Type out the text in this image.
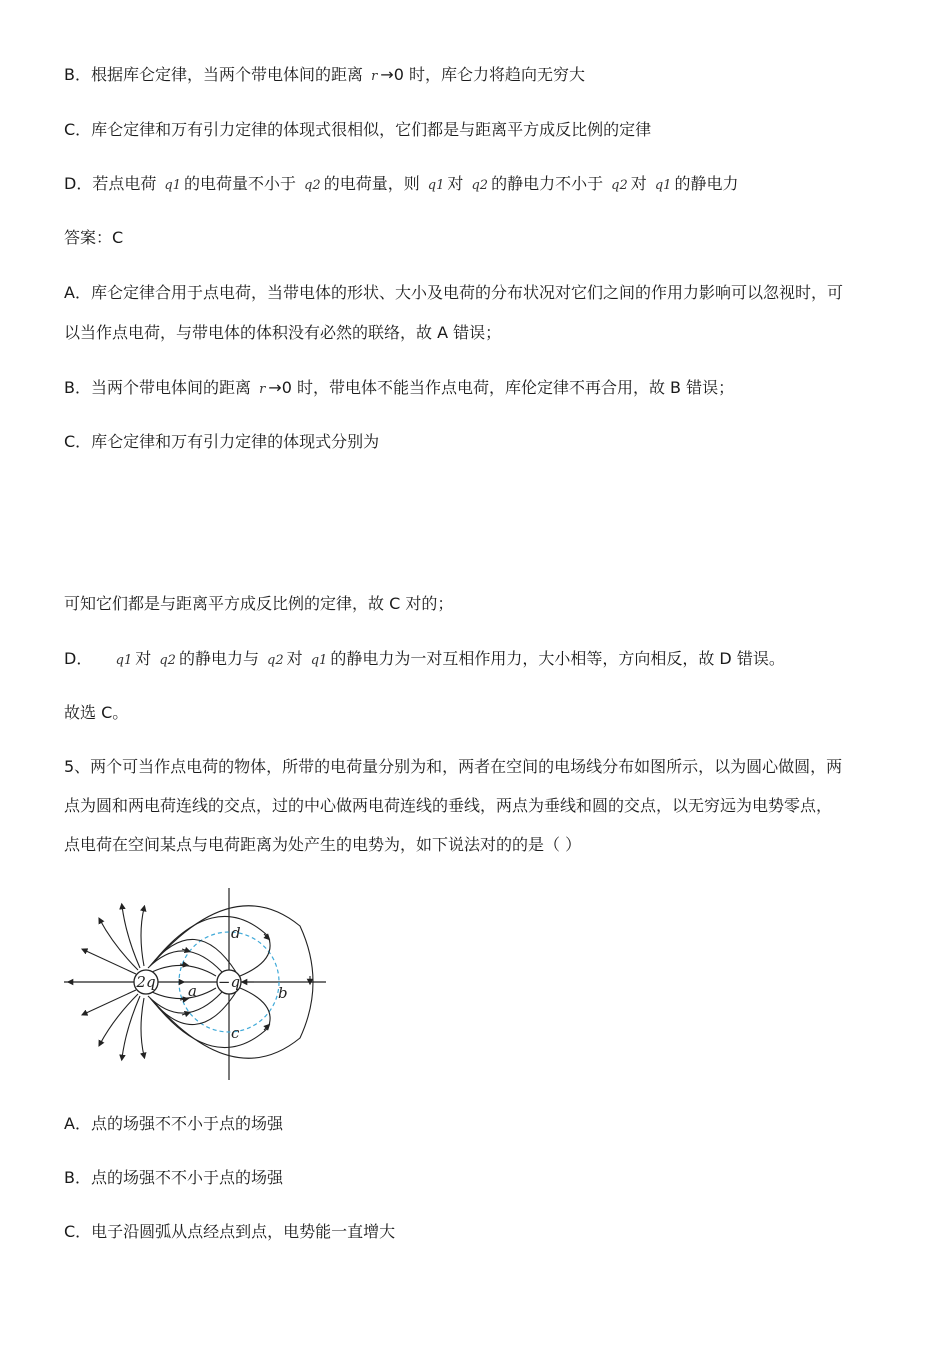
B．根据库仑定律，当两个带电体间的距离 r →0 时，库仑力将趋向无穷大
C．库仑定律和万有引力定律的体现式很相似，它们都是与距离平方成反比例的定律
D．若点电荷 q1 的电荷量不小于 q2 的电荷量，则 q1 对 q2 的静电力不小于 q2 对 q1 的静电力
答案：C
A．库仑定律合用于点电荷，当带电体的形状、大小及电荷的分布状况对它们之间的作用力影响可以忽视时，可
以当作点电荷，与带电体的体积没有必然的联络，故 A 错误；
B．当两个带电体间的距离 r →0 时，带电体不能当作点电荷，库伦定律不再合用，故 B 错误；
C．库仑定律和万有引力定律的体现式分别为
可知它们都是与距离平方成反比例的定律，故 C 对的；
D．    q1 对 q2 的静电力与 q2 对 q1 的静电力为一对互相作用力，大小相等，方向相反，故 D 错误。
故选 C。
5、两个可当作点电荷的物体，所带的电荷量分别为和，两者在空间的电场线分布如图所示，以为圆心做圆，两
点为圆和两电荷连线的交点，过的中心做两电荷连线的垂线，两点为垂线和圆的交点，以无穷远为电势零点，
点电荷在空间某点与电荷距离为处产生的电势为，如下说法对的的是（ ）
2q	−q
a	b
c
d
A．点的场强不不小于点的场强
B．点的场强不不小于点的场强
C．电子沿圆弧从点经点到点，电势能一直增大
